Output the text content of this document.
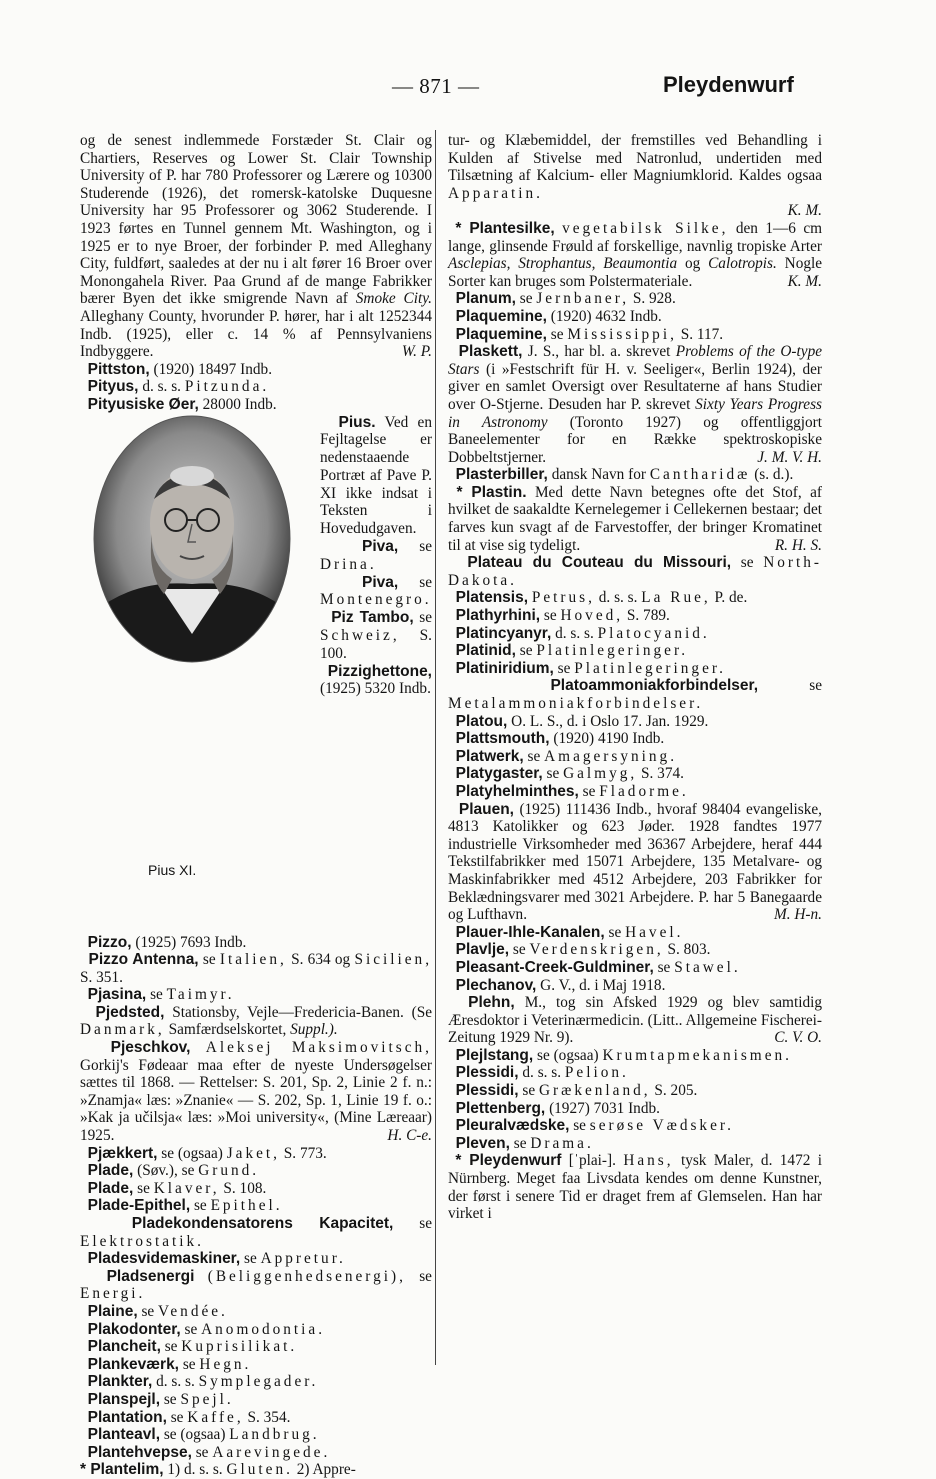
— 871 —	Pleydenwurf

og de senest indlemmede Forstæder St. Clair og Chartiers, Reserves og Lower St. Clair Township University of P. har 780 Professorer og Lærere og 10300 Studerende (1926), det romersk-katolske Duquesne University har 95 Professorer og 3062 Studerende. I 1923 førtes en Tunnel gennem Mt. Washington, og i 1925 er to nye Broer, der forbinder P. med Alleghany City, fuldført, saaledes at der nu i alt fører 16 Broer over Monongahela River. Paa Grund af de mange Fabrikker bærer Byen det ikke smigrende Navn af Smoke City. Alleghany County, hvorunder P. hører, har i alt 1252344 Indb. (1925), eller c. 14 % af Pennsylvaniens Indbyggere.	W. P.

Pittston, (1920) 18497 Indb.

Pityus, d. s. s. Pitzunda.

Pityusiske Øer, 28000 Indb.

Pius XI.

Pius. Ved en Fejltagelse er nedenstaaende Portræt af Pave P. XI ikke indsat i Teksten i Hovedudgaven.

Piva, se Drina.

Piva, se Montenegro.

Piz Tambo, se Schweiz, S. 100.

Pizzighettone, (1925) 5320 Indb.

Pizzo, (1925) 7693 Indb.

Pizzo Antenna, se Italien, S. 634 og Sicilien, S. 351.

Pjasina, se Taimyr.

Pjedsted, Stationsby, Vejle—Fredericia-Banen. (Se Danmark, Samfærdselskortet, Suppl.).

Pjeschkov, Aleksej Maksimovitsch, Gorkij's Fødeaar maa efter de nyeste Undersøgelser sættes til 1868. — Rettelser: S. 201, Sp. 2, Linie 2 f. n.: »Znamja« læs: »Znanie« — S. 202, Sp. 1, Linie 19 f. o.: »Kak ja učilsja« læs: »Moi university«, (Mine Læreaar) 1925.	H. C-e.

Pjækkert, se (ogsaa) Jaket, S. 773.

Plade, (Søv.), se Grund.

Plade, se Klaver, S. 108.

Plade-Epithel, se Epithel.

Pladekondensatorens Kapacitet, se Elektrostatik.

Pladesvidemaskiner, se Appretur.

Pladsenergi (Beliggenhedsenergi), se Energi.

Plaine, se Vendée.

Plakodonter, se Anomodontia.

Plancheit, se Kuprisilikat.

Plankeværk, se Hegn.

Plankter, d. s. s. Symplegader.

Planspejl, se Spejl.

Plantation, se Kaffe, S. 354.

Planteavl, se (ogsaa) Landbrug.

Plantehvepse, se Aarevingede.

* Plantelim, 1) d. s. s. Gluten. 2) Appre-

tur- og Klæbemiddel, der fremstilles ved Behandling i Kulden af Stivelse med Natronlud, undertiden med Tilsætning af Kalcium- eller Magniumklorid. Kaldes ogsaa Apparatin.

K. M.

* Plantesilke, vegetabilsk Silke, den 1—6 cm lange, glinsende Frøuld af forskellige, navnlig tropiske Arter Asclepias, Strophantus, Beaumontia og Calotropis. Nogle Sorter kan bruges som Polstermateriale.	K. M.

Planum, se Jernbaner, S. 928.

Plaquemine, (1920) 4632 Indb.

Plaquemine, se Mississippi, S. 117.

Plaskett, J. S., har bl. a. skrevet Problems of the O-type Stars (i »Festschrift für H. v. Seeliger«, Berlin 1924), der giver en samlet Oversigt over Resultaterne af hans Studier over O-Stjerne. Desuden har P. skrevet Sixty Years Progress in Astronomy (Toronto 1927) og offentliggjort Baneelementer for en Række spektroskopiske Dobbeltstjerner.	J. M. V. H.

Plasterbiller, dansk Navn for Cantharidæ (s. d.).

* Plastin. Med dette Navn betegnes ofte det Stof, af hvilket de saakaldte Kernelegemer i Cellekernen bestaar; det farves kun svagt af de Farvestoffer, der bringer Kromatinet til at vise sig tydeligt.	R. H. S.

Plateau du Couteau du Missouri, se North-Dakota.

Platensis, Petrus, d. s. s. La Rue, P. de.

Plathyrhini, se Hoved, S. 789.

Platincyanyr, d. s. s. Platocyanid.

Platinid, se Platinlegeringer.

Platiniridium, se Platinlegeringer.

Platoammoniakforbindelser,	se Metalammoniakforbindelser.

Platou, O. L. S., d. i Oslo 17. Jan. 1929.

Plattsmouth, (1920) 4190 Indb.

Platwerk, se Amagersyning.

Platygaster, se Galmyg, S. 374.

Platyhelminthes, se Fladorme.

Plauen, (1925) 111436 Indb., hvoraf 98404 evangeliske, 4813 Katolikker og 623 Jøder. 1928 fandtes 1977 industrielle Virksomheder med 36367 Arbejdere, heraf 444 Tekstilfabrikker med 15071 Arbejdere, 135 Metalvare- og Maskinfabrikker med 4512 Arbejdere, 203 Fabrikker for Beklædningsvarer med 3021 Arbejdere. P. har 5 Banegaarde og Lufthavn.	M. H-n.

Plauer-Ihle-Kanalen, se Havel.

Plavlje, se Verdenskrigen, S. 803.

Pleasant-Creek-Guldminer, se Stawel.

Plechanov, G. V., d. i Maj 1918.

Plehn, M., tog sin Afsked 1929 og blev samtidig Æresdoktor i Veterinærmedicin. (Litt.. Allgemeine Fischerei-Zeitung 1929 Nr. 9).	C. V. O.

Plejlstang, se (ogsaa) Krumtapmekanismen.

Plessidi, d. s. s. Pelion.

Plessidi, se Grækenland, S. 205.

Plettenberg, (1927) 7031 Indb.

Pleuralvædske, se serøse Vædsker.

Pleven, se Drama.

* Pleydenwurf [ˈplai-]. Hans, tysk Maler, d. 1472 i Nürnberg. Meget faa Livsdata kendes om denne Kunstner, der først i senere Tid er draget frem af Glemselen. Han har virket i
